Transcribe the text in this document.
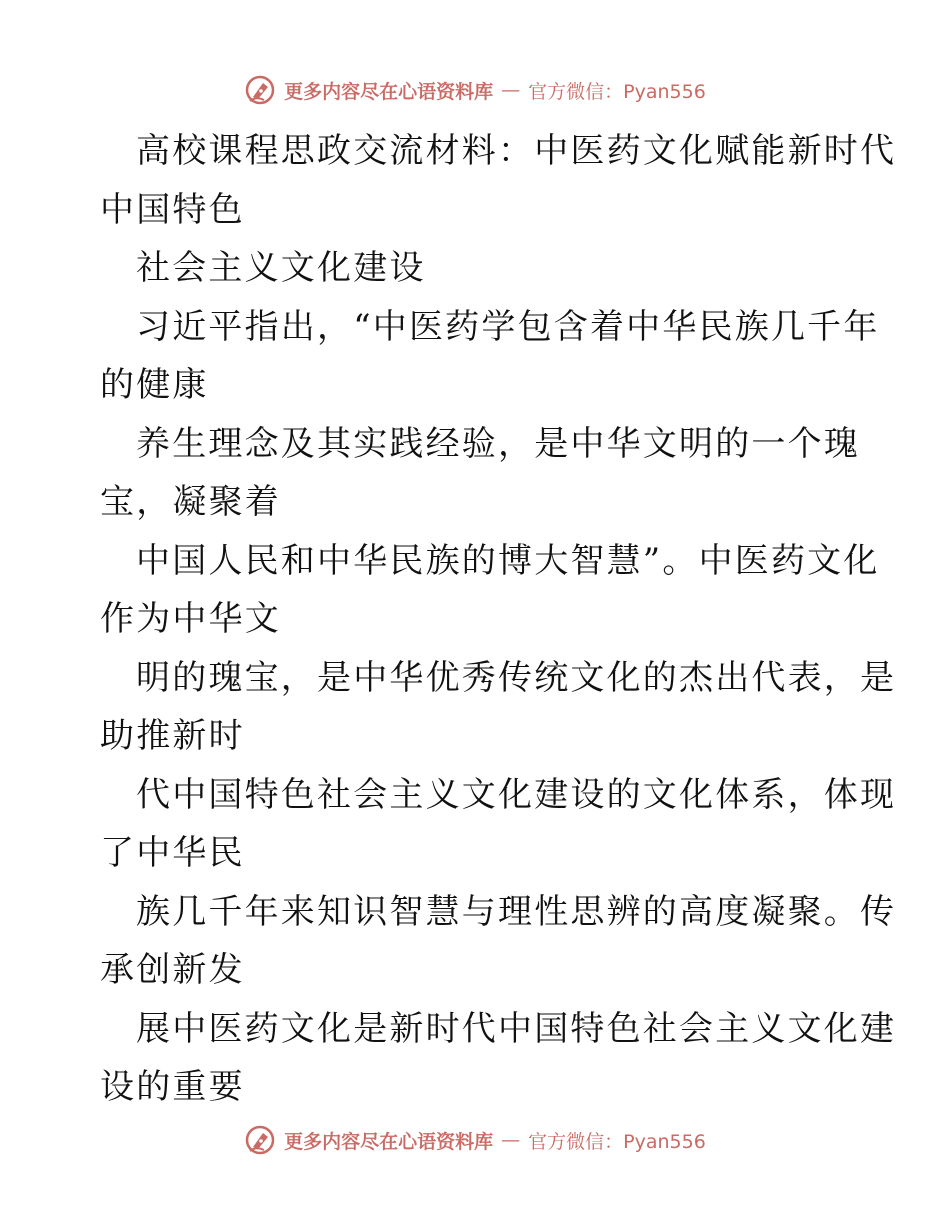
更多内容尽在心语资料库 — 官方微信：Pyan556
高校课程思政交流材料：中医药文化赋能新时代
中国特色
社会主义文化建设
习近平指出，“中医药学包含着中华民族几千年
的健康
养生理念及其实践经验，是中华文明的一个瑰
宝，凝聚着
中国人民和中华民族的博大智慧”。中医药文化
作为中华文
明的瑰宝，是中华优秀传统文化的杰出代表，是
助推新时
代中国特色社会主义文化建设的文化体系，体现
了中华民
族几千年来知识智慧与理性思辨的高度凝聚。传
承创新发
展中医药文化是新时代中国特色社会主义文化建
设的重要
更多内容尽在心语资料库 — 官方微信：Pyan556
